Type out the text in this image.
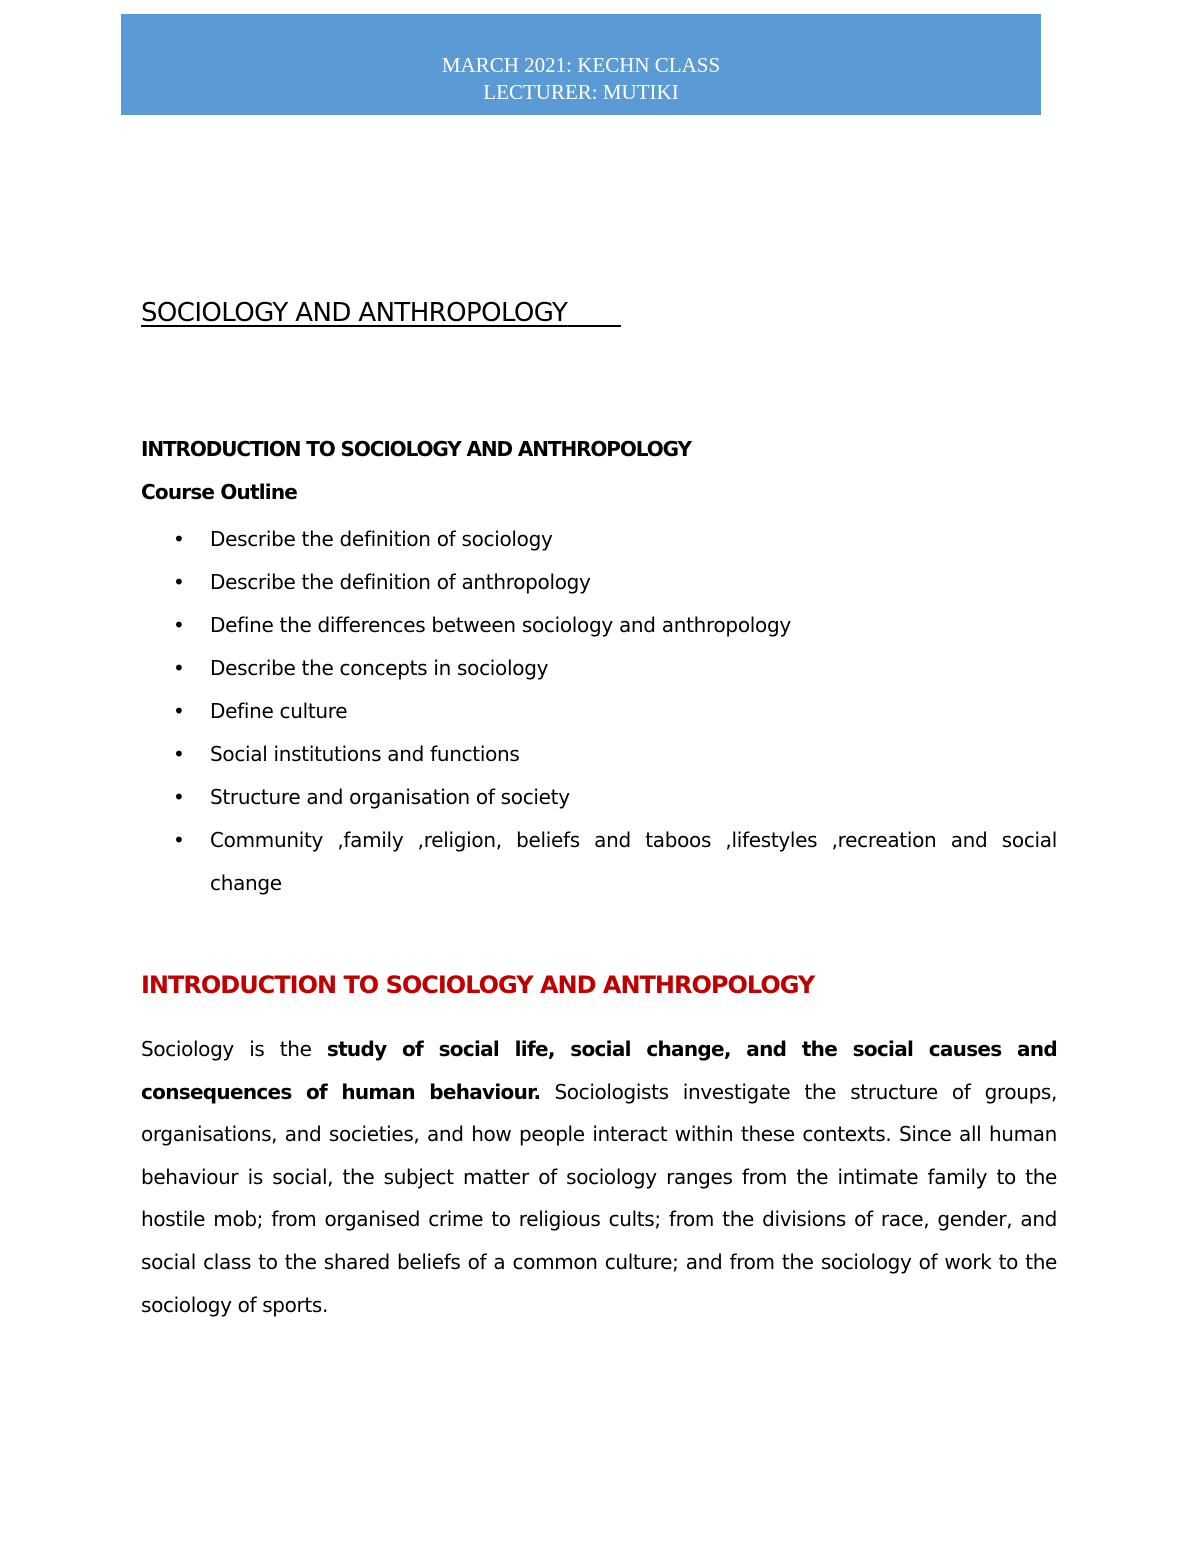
MARCH 2021: KECHN CLASS
LECTURER: MUTIKI
SOCIOLOGY AND ANTHROPOLOGY
INTRODUCTION TO SOCIOLOGY AND ANTHROPOLOGY
Course Outline
• Describe the definition of sociology
• Describe the definition of anthropology
• Define the differences between sociology and anthropology
• Describe the concepts in sociology
• Define culture
• Social institutions and functions
• Structure and organisation of society
• Community ,family ,religion, beliefs and taboos ,lifestyles ,recreation and social change
INTRODUCTION TO SOCIOLOGY AND ANTHROPOLOGY

Sociology is the study of social life, social change, and the social causes and consequences of human behaviour. Sociologists investigate the structure of groups, organisations, and societies, and how people interact within these contexts. Since all human behaviour is social, the subject matter of sociology ranges from the intimate family to the hostile mob; from organised crime to religious cults; from the divisions of race, gender, and social class to the shared beliefs of a common culture; and from the sociology of work to the sociology of sports.
